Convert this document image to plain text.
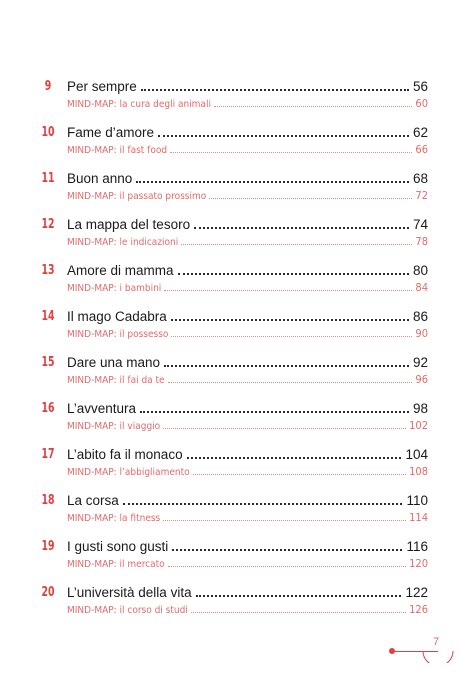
9	Per sempre	56
MIND-MAP: la cura degli animali	60
10 Fame d’amore	62
MIND-MAP: il fast food	66
11 Buon anno	68
MIND-MAP: il passato prossimo	72
12 La mappa del tesoro	74
MIND-MAP: le indicazioni	78
13 Amore di mamma	80
MIND-MAP: i bambini	84
14 Il mago Cadabra	86
MIND-MAP: il possesso	90
15 Dare una mano	92
MIND-MAP: il fai da te	96
16 L’avventura	98
MIND-MAP: il viaggio	102
17 L’abito fa il monaco	104
MIND-MAP: l’abbigliamento	108
18 La corsa	110
MIND-MAP: la fitness	114
19 I gusti sono gusti	116
MIND-MAP: il mercato	120
20 L’università della vita	122
MIND-MAP: il corso di studi	126
7
